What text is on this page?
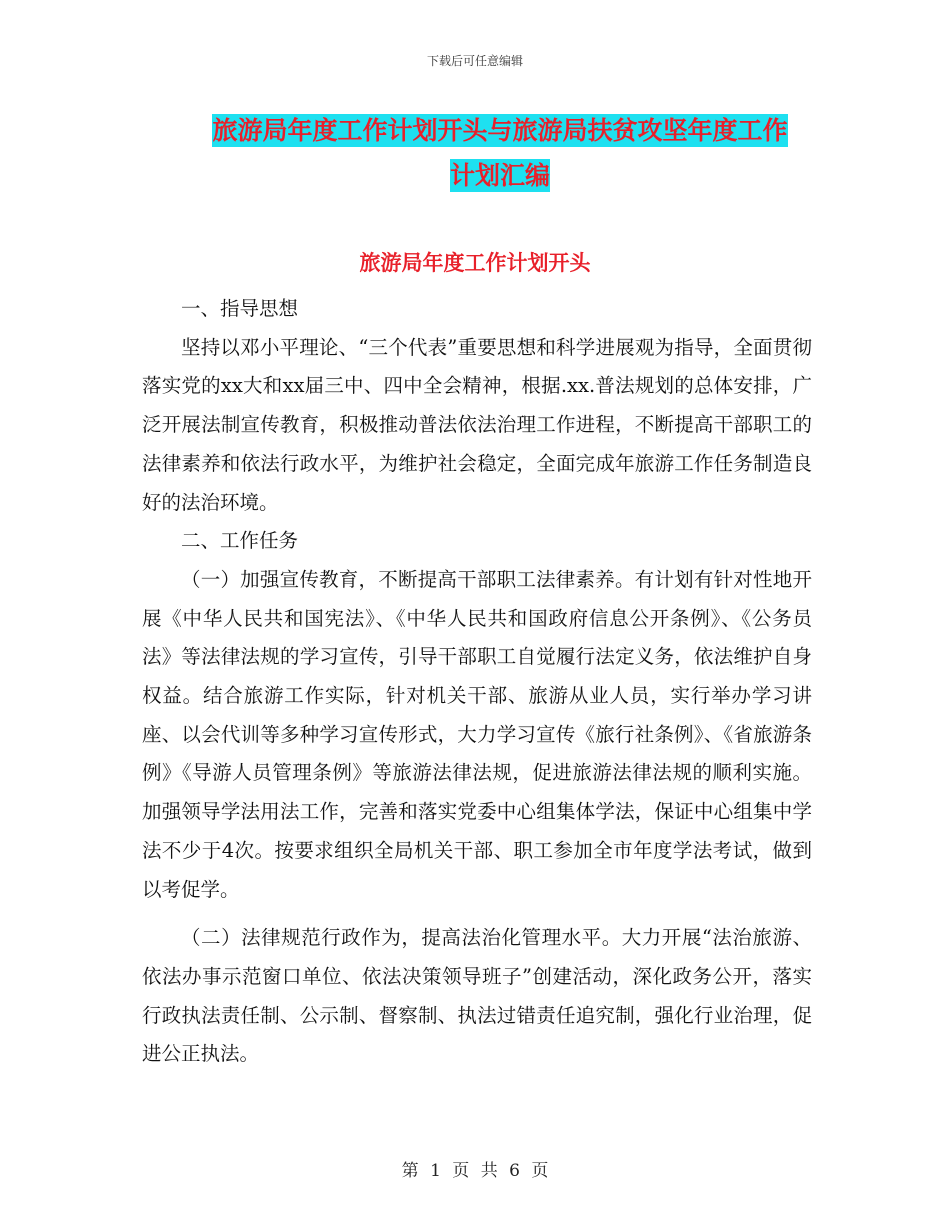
下载后可任意编辑
旅游局年度工作计划开头与旅游局扶贫攻坚年度工作
计划汇编
旅游局年度工作计划开头

一、指导思想

坚持以邓小平理论、“三个代表”重要思想和科学进展观为指导，全面贯彻落实党的xx大和xx届三中、四中全会精神，根据.xx.普法规划的总体安排，广泛开展法制宣传教育，积极推动普法依法治理工作进程，不断提高干部职工的法律素养和依法行政水平，为维护社会稳定，全面完成年旅游工作任务制造良好的法治环境。

二、工作任务

（一）加强宣传教育，不断提高干部职工法律素养。有计划有针对性地开展《中华人民共和国宪法》、《中华人民共和国政府信息公开条例》、《公务员法》等法律法规的学习宣传，引导干部职工自觉履行法定义务，依法维护自身权益。结合旅游工作实际，针对机关干部、旅游从业人员，实行举办学习讲座、以会代训等多种学习宣传形式，大力学习宣传《旅行社条例》、《省旅游条例》《导游人员管理条例》等旅游法律法规，促进旅游法律法规的顺利实施。加强领导学法用法工作，完善和落实党委中心组集体学法，保证中心组集中学法不少于4次。按要求组织全局机关干部、职工参加全市年度学法考试，做到以考促学。

（二）法律规范行政作为，提高法治化管理水平。大力开展“法治旅游、依法办事示范窗口单位、依法决策领导班子”创建活动，深化政务公开，落实行政执法责任制、公示制、督察制、执法过错责任追究制，强化行业治理，促进公正执法。

第 1 页 共 6 页
